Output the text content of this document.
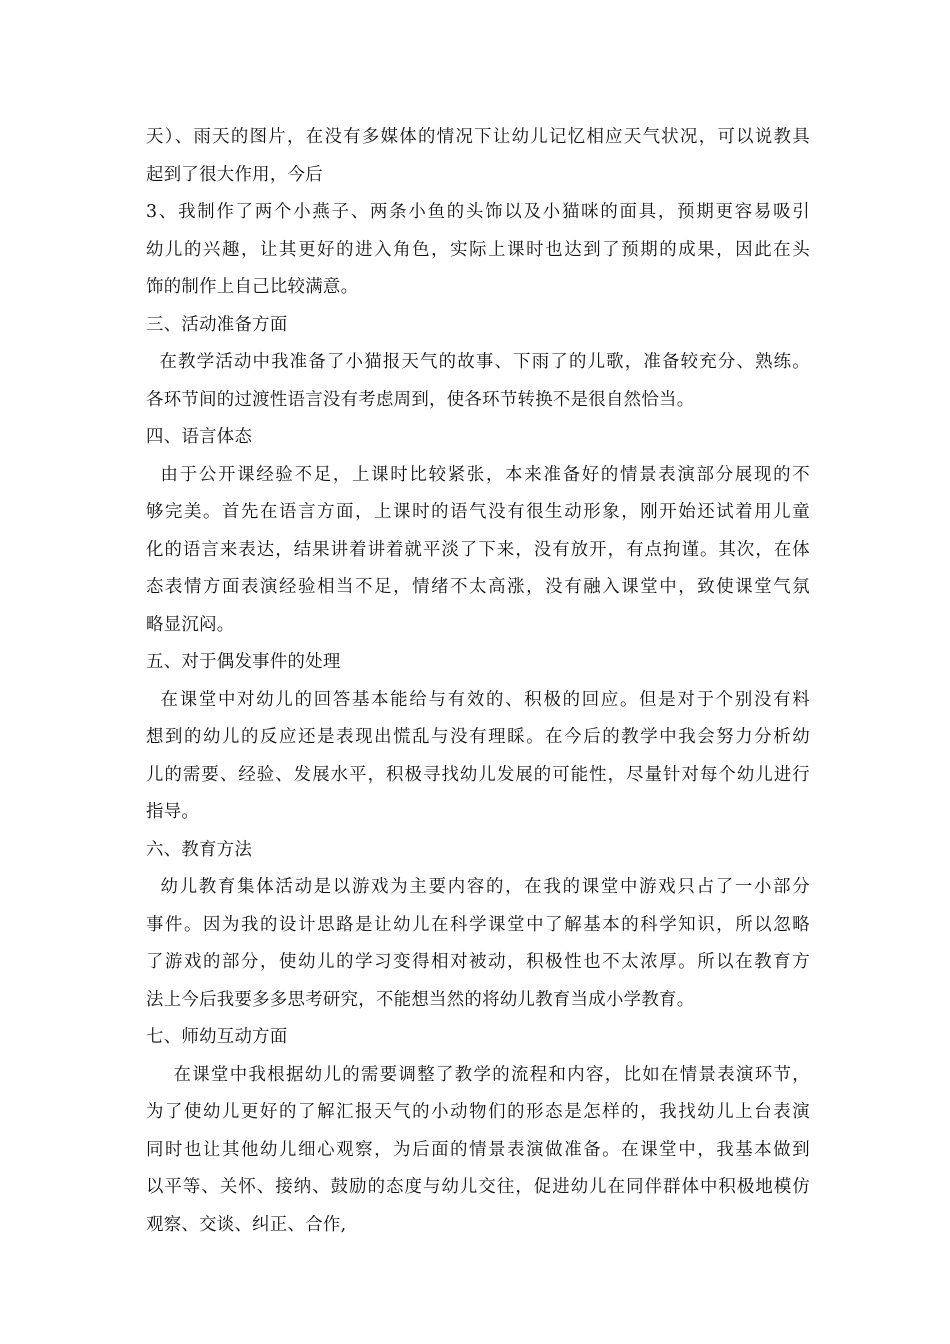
天）、雨天的图片，在没有多媒体的情况下让幼儿记忆相应天气状况，可以说教具
起到了很大作用，今后
3、我制作了两个小燕子、两条小鱼的头饰以及小猫咪的面具，预期更容易吸引
幼儿的兴趣，让其更好的进入角色，实际上课时也达到了预期的成果，因此在头
饰的制作上自己比较满意。
三、活动准备方面
在教学活动中我准备了小猫报天气的故事、下雨了的儿歌，准备较充分、熟练。
各环节间的过渡性语言没有考虑周到，使各环节转换不是很自然恰当。
四、语言体态
由于公开课经验不足，上课时比较紧张，本来准备好的情景表演部分展现的不
够完美。首先在语言方面，上课时的语气没有很生动形象，刚开始还试着用儿童
化的语言来表达，结果讲着讲着就平淡了下来，没有放开，有点拘谨。其次，在体
态表情方面表演经验相当不足，情绪不太高涨，没有融入课堂中，致使课堂气氛
略显沉闷。
五、对于偶发事件的处理
在课堂中对幼儿的回答基本能给与有效的、积极的回应。但是对于个别没有料
想到的幼儿的反应还是表现出慌乱与没有理睬。在今后的教学中我会努力分析幼
儿的需要、经验、发展水平，积极寻找幼儿发展的可能性，尽量针对每个幼儿进行
指导。
六、教育方法
幼儿教育集体活动是以游戏为主要内容的，在我的课堂中游戏只占了一小部分
事件。因为我的设计思路是让幼儿在科学课堂中了解基本的科学知识，所以忽略
了游戏的部分，使幼儿的学习变得相对被动，积极性也不太浓厚。所以在教育方
法上今后我要多多思考研究，不能想当然的将幼儿教育当成小学教育。
七、师幼互动方面
在课堂中我根据幼儿的需要调整了教学的流程和内容，比如在情景表演环节，
为了使幼儿更好的了解汇报天气的小动物们的形态是怎样的，我找幼儿上台表演
同时也让其他幼儿细心观察，为后面的情景表演做准备。在课堂中，我基本做到
以平等、关怀、接纳、鼓励的态度与幼儿交往，促进幼儿在同伴群体中积极地模仿
观察、交谈、纠正、合作,
